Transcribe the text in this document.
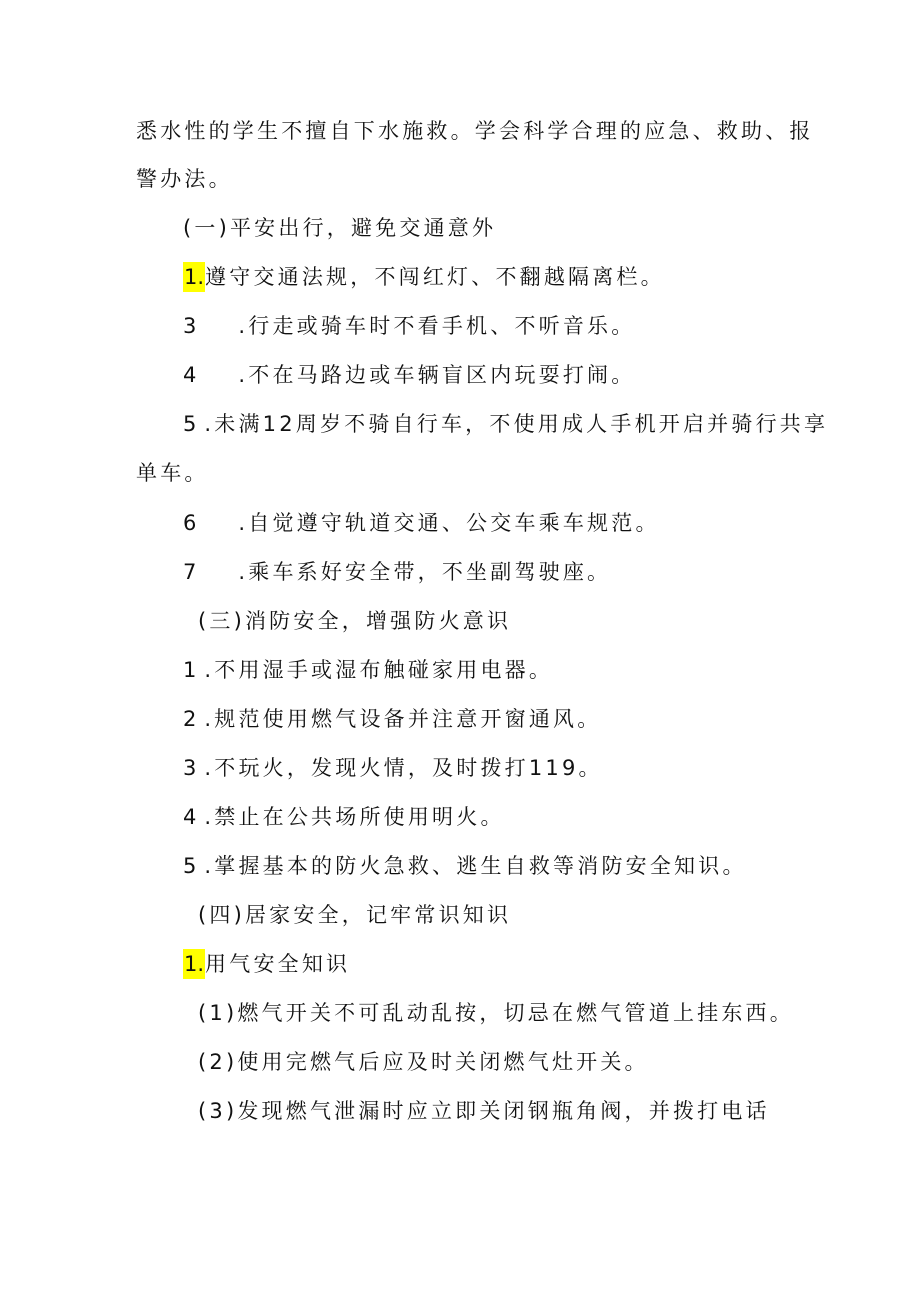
悉水性的学生不擅自下水施救。学会科学合理的应急、救助、报
警办法。
(一)平安出行，避免交通意外
1.遵守交通法规，不闯红灯、不翻越隔离栏。
3 .行走或骑车时不看手机、不听音乐。
4 .不在马路边或车辆盲区内玩耍打闹。
5 .未满12周岁不骑自行车，不使用成人手机开启并骑行共享
单车。
6 .自觉遵守轨道交通、公交车乘车规范。
7 .乘车系好安全带，不坐副驾驶座。
(三)消防安全，增强防火意识
1 .不用湿手或湿布触碰家用电器。
2 .规范使用燃气设备并注意开窗通风。
3 .不玩火，发现火情，及时拨打119。
4 .禁止在公共场所使用明火。
5 .掌握基本的防火急救、逃生自救等消防安全知识。
(四)居家安全，记牢常识知识
1.用气安全知识
(1)燃气开关不可乱动乱按，切忌在燃气管道上挂东西。
(2)使用完燃气后应及时关闭燃气灶开关。
(3)发现燃气泄漏时应立即关闭钢瓶角阀，并拨打电话
